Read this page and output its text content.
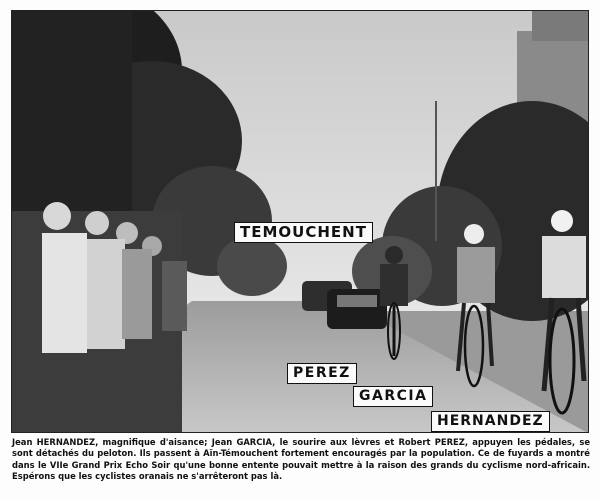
TEMOUCHENT
PEREZ
GARCIA
HERNANDEZ
Jean HERNANDEZ, magnifique d'aisance; Jean GARCIA, le sourire aux lèvres et Robert PEREZ, appuyen les pédales, se sont détachés du peloton. Ils passent à Aïn-Témouchent fortement encouragés par la population. Ce de fuyards a montré dans le VIIe Grand Prix Echo Soir qu'une bonne entente pouvait mettre à la raison des grands du cyclisme nord-africain. Espérons que les cyclistes oranais ne s'arrêteront pas là.
